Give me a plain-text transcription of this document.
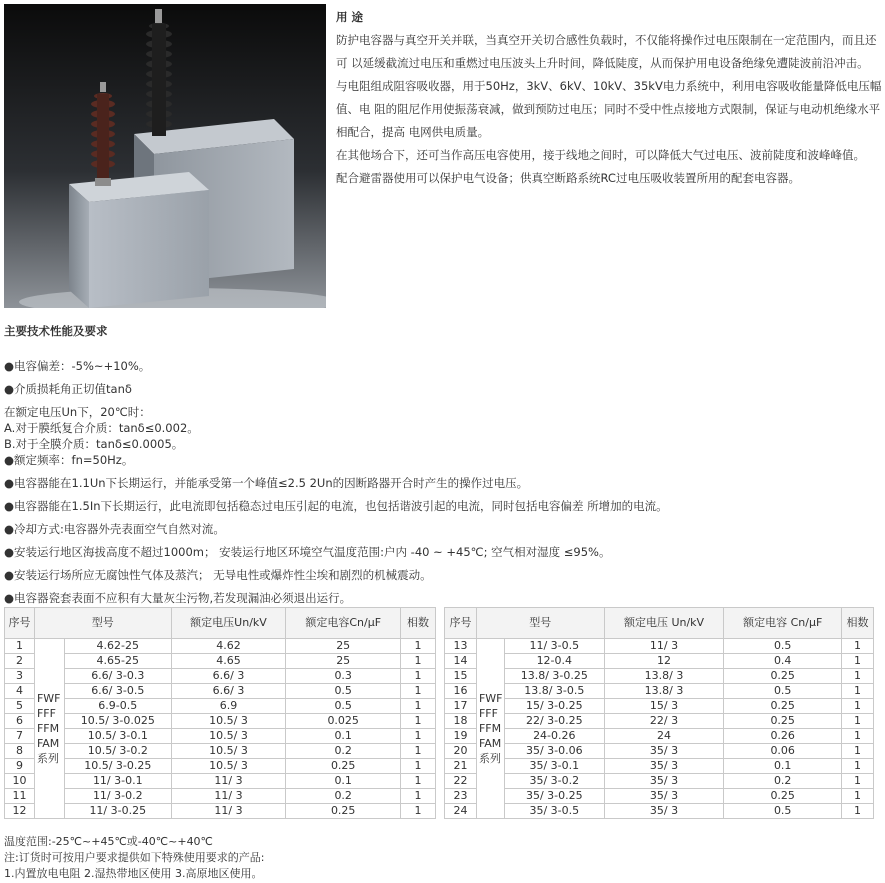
用 途

防护电容器与真空开关并联，当真空开关切合感性负载时，不仅能将操作过电压限制在一定范围内，而且还可 以延缓截流过电压和重燃过电压波头上升时间，降低陡度，从而保护用电设备绝缘免遭陡波前沿冲击。

与电阻组成阻容吸收器，用于50Hz，3kV、6kV、10kV、35kV电力系统中，利用电容吸收能量降低电压幅值、电 阻的阻尼作用使振荡衰减，做到预防过电压；同时不受中性点接地方式限制，保证与电动机绝缘水平相配合，提高 电网供电质量。

在其他场合下，还可当作高压电容使用，接于线地之间时，可以降低大气过电压、波前陡度和波峰峰值。

配合避雷器使用可以保护电气设备；供真空断路系统RC过电压吸收装置所用的配套电容器。

主要技术性能及要求

●电容偏差：-5%~+10%。

●介质损耗角正切值tanδ

在额定电压Un下，20℃时：

A.对于膜纸复合介质：tanδ≤0.002。

B.对于全膜介质：tanδ≤0.0005。

●额定频率：fn=50Hz。

●电容器能在1.1Un下长期运行，并能承受第一个峰值≤2.5 2Un的因断路器开合时产生的操作过电压。

●电容器能在1.5In下长期运行，此电流即包括稳态过电压引起的电流，也包括谐波引起的电流，同时包括电容偏差 所增加的电流。

●冷却方式:电容器外壳表面空气自然对流。

●安装运行地区海拔高度不超过1000m； 安装运行地区环境空气温度范围:户内 -40 ~ +45℃; 空气相对湿度 ≤95%。

●安装运行场所应无腐蚀性气体及蒸汽； 无导电性或爆炸性尘埃和剧烈的机械震动。

●电容器瓷套表面不应积有大量灰尘污物,若发现漏油必须退出运行。

序号	型号		额定电压Un/kV	额定电容Cn/μF	相数
1	FWF FFF FFM FAM 系列	4.62-25	4.62	25	1
2		4.65-25	4.65	25	1
3		6.6/ 3-0.3	6.6/ 3	0.3	1
4		6.6/ 3-0.5	6.6/ 3	0.5	1
5		6.9-0.5	6.9	0.5	1
6		10.5/ 3-0.025	10.5/ 3	0.025	1
7		10.5/ 3-0.1	10.5/ 3	0.1	1
8		10.5/ 3-0.2	10.5/ 3	0.2	1
9		10.5/ 3-0.25	10.5/ 3	0.25	1
10		11/ 3-0.1	11/ 3	0.1	1
11		11/ 3-0.2	11/ 3	0.2	1
12		11/ 3-0.25	11/ 3	0.25	1
序号	型号		额定电压 Un/kV	额定电容 Cn/μF	相数
13	FWF FFF FFM FAM 系列	11/ 3-0.5	11/ 3	0.5	1
14		12-0.4	12	0.4	1
15		13.8/ 3-0.25	13.8/ 3	0.25	1
16		13.8/ 3-0.5	13.8/ 3	0.5	1
17		15/ 3-0.25	15/ 3	0.25	1
18		22/ 3-0.25	22/ 3	0.25	1
19		24-0.26	24	0.26	1
20		35/ 3-0.06	35/ 3	0.06	1
21		35/ 3-0.1	35/ 3	0.1	1
22		35/ 3-0.2	35/ 3	0.2	1
23		35/ 3-0.25	35/ 3	0.25	1
24		35/ 3-0.5	35/ 3	0.5	1

温度范围:-25℃~+45℃或-40℃~+40℃

注:订货时可按用户要求提供如下特殊使用要求的产品:

1.内置放电电阻 2.湿热带地区使用 3.高原地区使用。
